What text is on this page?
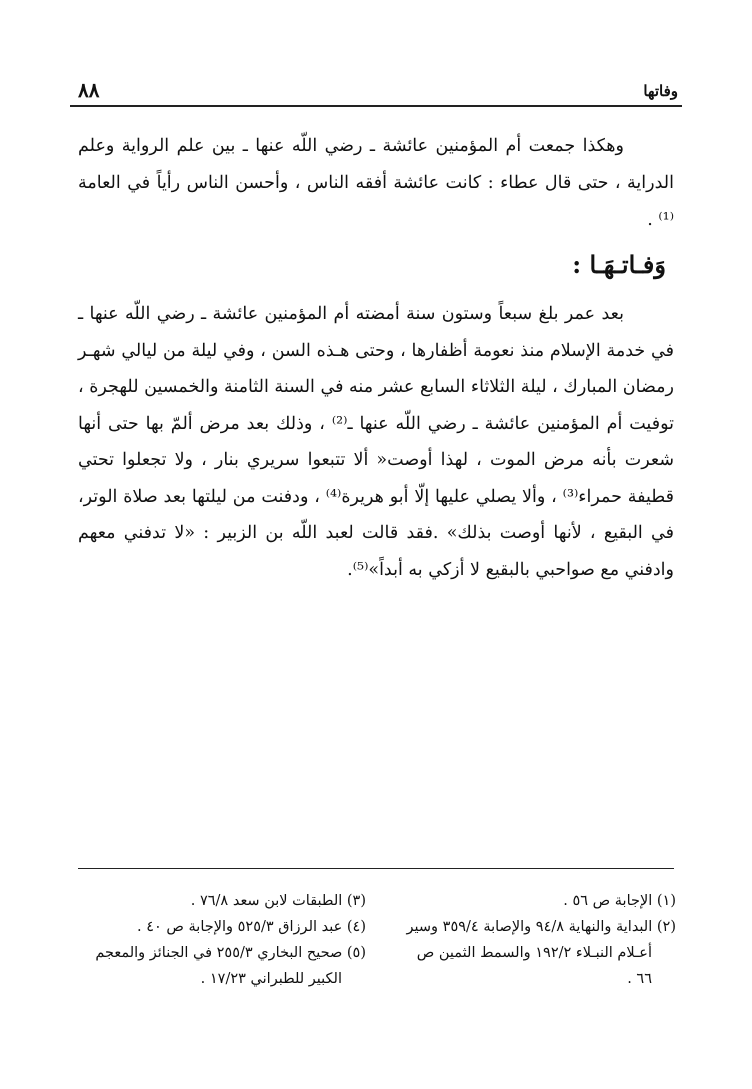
٨٨	وفاتها

وهكذا جمعت أم المؤمنين عائشة ـ رضي اللّه عنها ـ بين علم الرواية وعلم الدراية ، حتى قال عطاء : كانت عائشة أفقه الناس ، وأحسن الناس رأياً في العامة ⁽¹⁾ .

وَفـاتـهَـا :

بعد عمر بلغ سبعاً وستون سنة أمضته أم المؤمنين عائشة ـ رضي اللّه عنها ـ في خدمة الإسلام منذ نعومة أظفارها ، وحتى هـذه السن ، وفي ليلة من ليالي شهـر رمضان المبارك ، ليلة الثلاثاء السابع عشر منه في السنة الثامنة والخمسين للهجرة ، توفيت أم المؤمنين عائشة ـ رضي اللّه عنها ـ⁽²⁾ ، وذلك بعد مرض ألمّ بها حتى أنها شعرت بأنه مرض الموت ، لهذا أوصت« ألا تتبعوا سريري بنار ، ولا تجعلوا تحتي قطيفة حمراء⁽³⁾ ، وألا يصلي عليها إلّا أبو هريرة⁽⁴⁾ ، ودفنت من ليلتها بعد صلاة الوتر، في البقيع ، لأنها أوصت بذلك» .فقد قالت لعبد اللّه بن الزبير : «لا تدفني معهم وادفني مع صواحبي بالبقيع لا أزكي به أبداً»⁽⁵⁾.

(١) الإجابة ص ٥٦ .
(٢) البداية والنهاية ٩٤/٨ والإصابة ٣٥٩/٤ وسير
أعـلام النبـلاء ١٩٢/٢ والسمط الثمين ص
٦٦ .
(٣) الطبقات لابن سعد ٧٦/٨ .
(٤) عبد الرزاق ٥٢٥/٣ والإجابة ص ٤٠ .
(٥) صحيح البخاري ٢٥٥/٣ في الجنائز والمعجم
الكبير للطبراني ١٧/٢٣ .
